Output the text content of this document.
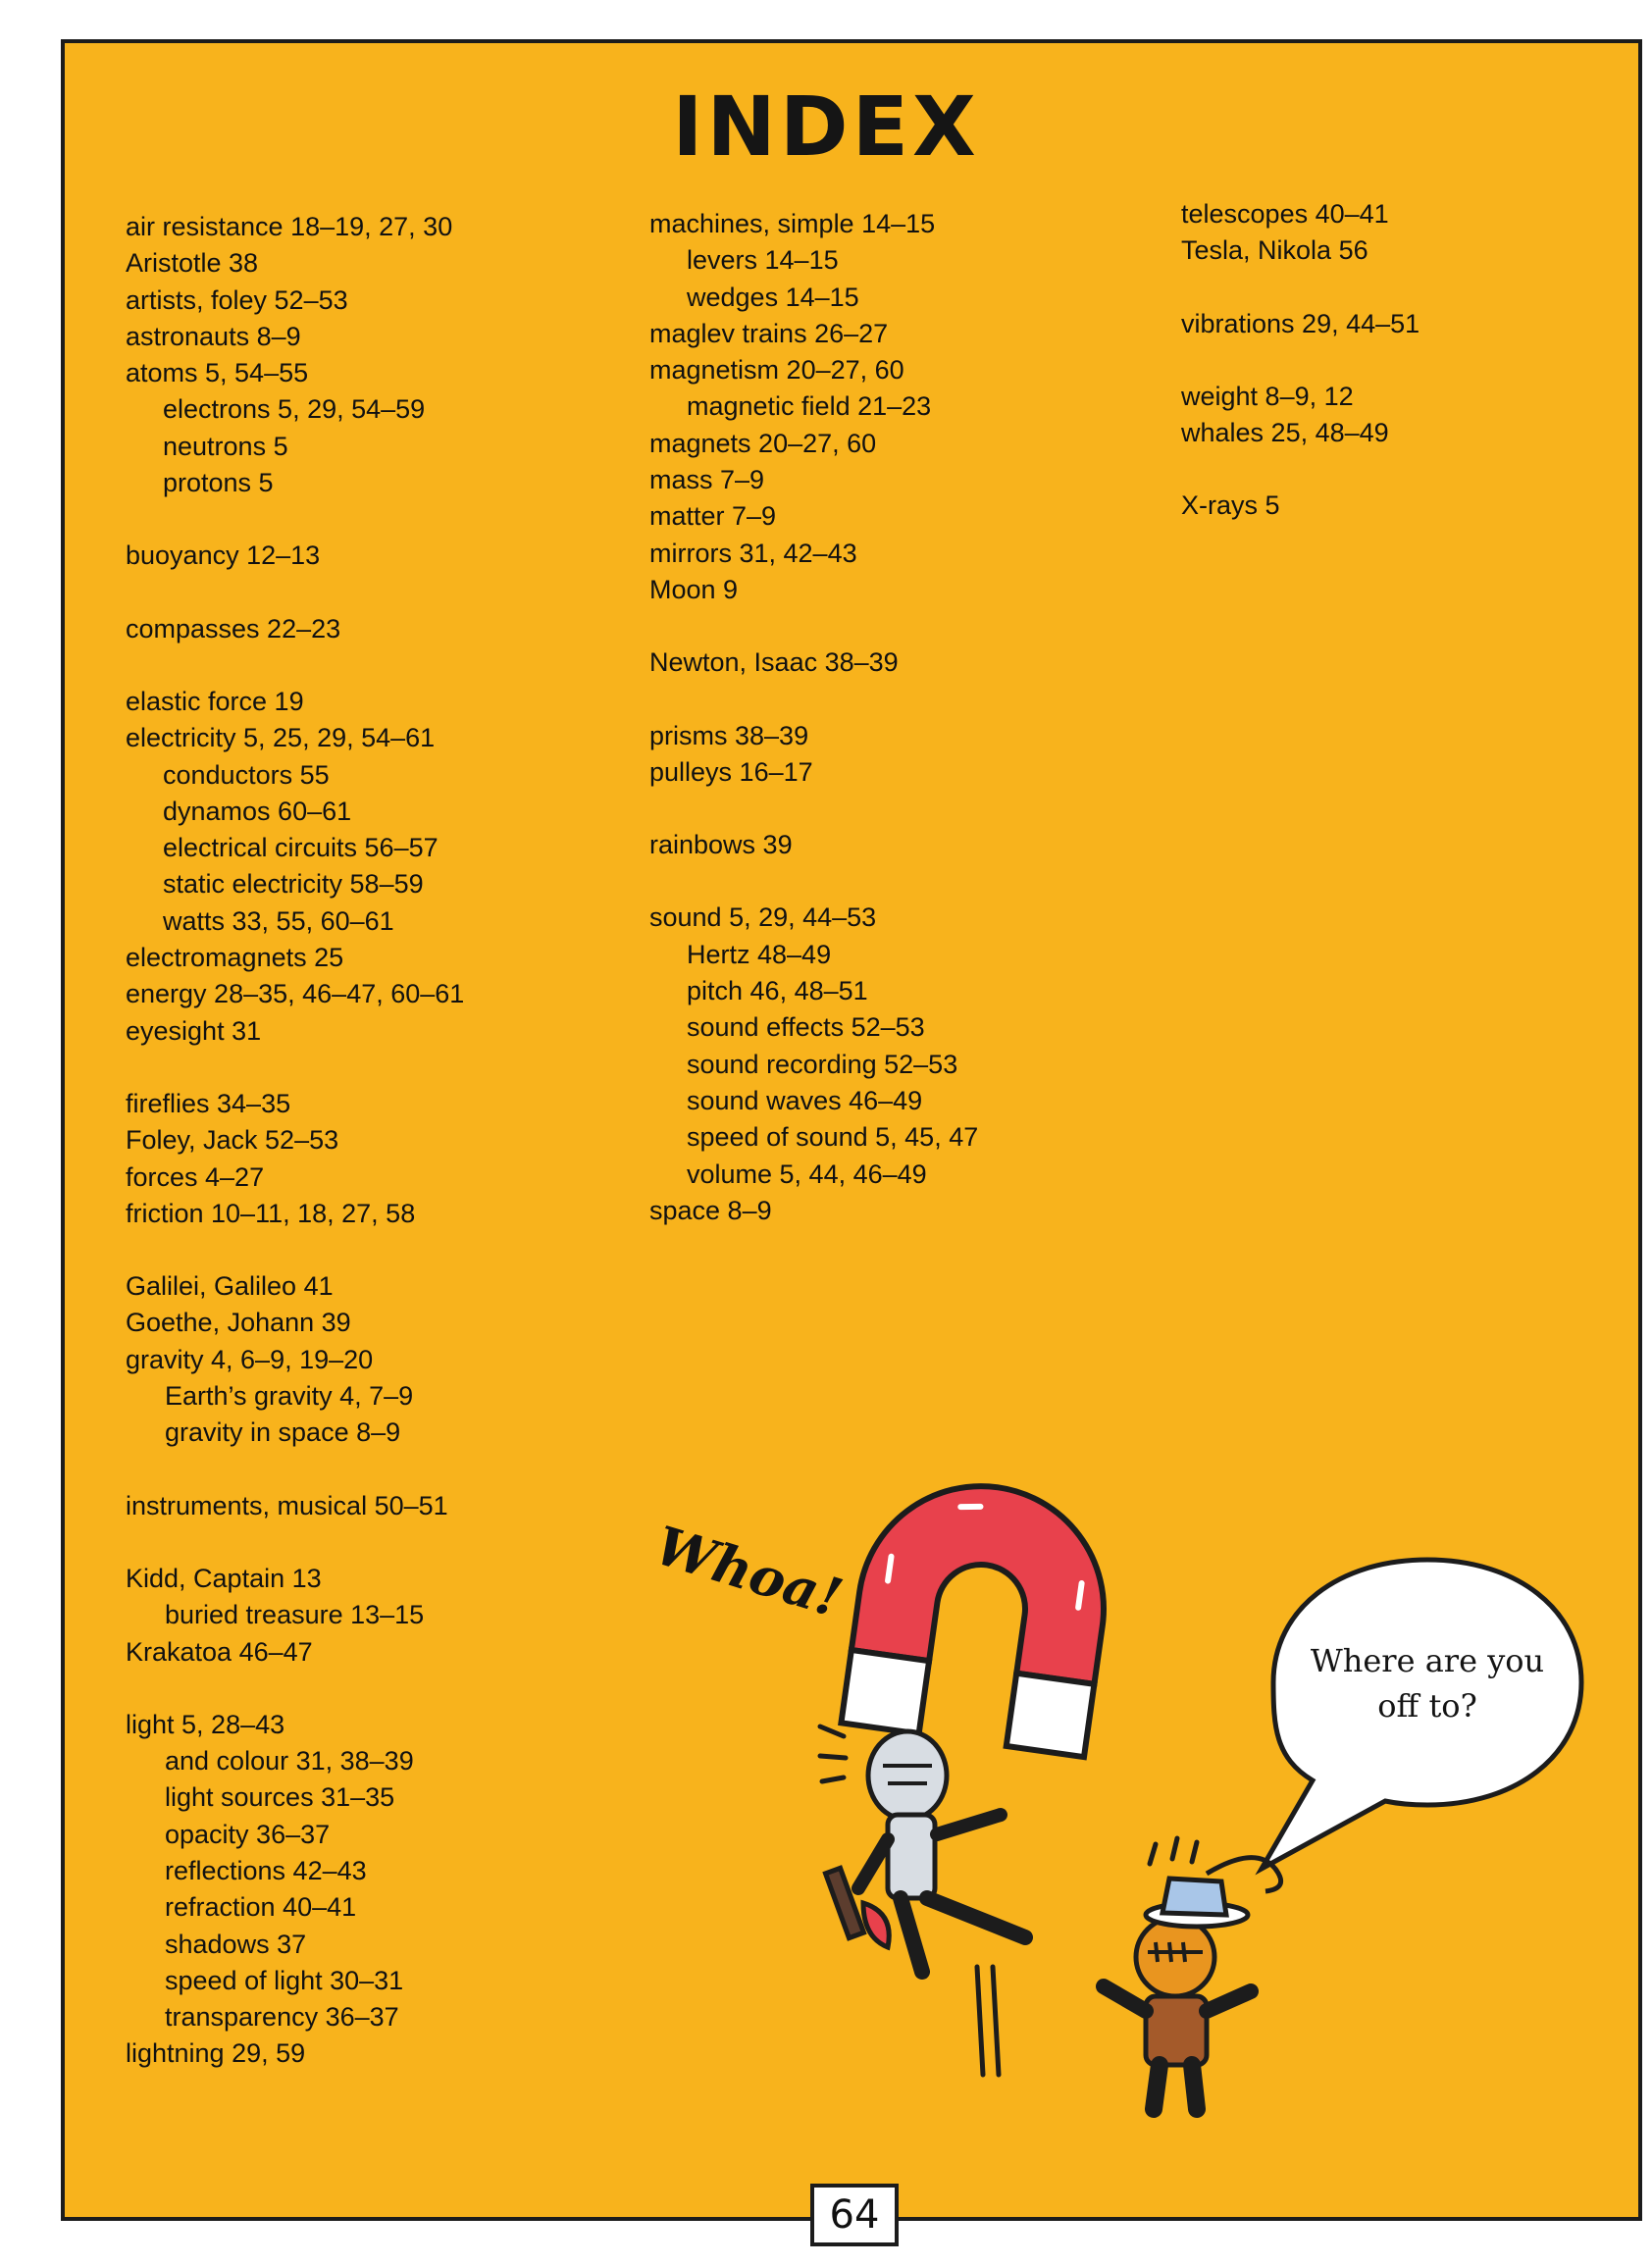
INDEX
air resistance 18–19, 27, 30
Aristotle 38
artists, foley 52–53
astronauts 8–9
atoms 5, 54–55
electrons 5, 29, 54–59
neutrons 5
protons 5
buoyancy 12–13
compasses 22–23
elastic force 19
electricity 5, 25, 29, 54–61
conductors 55
dynamos 60–61
electrical circuits 56–57
static electricity 58–59
watts 33, 55, 60–61
electromagnets 25
energy 28–35, 46–47, 60–61
eyesight 31
fireflies 34–35
Foley, Jack 52–53
forces 4–27
friction 10–11, 18, 27, 58
Galilei, Galileo 41
Goethe, Johann 39
gravity 4, 6–9, 19–20
Earth’s gravity 4, 7–9
gravity in space 8–9
instruments, musical 50–51
Kidd, Captain 13
buried treasure 13–15
Krakatoa 46–47
light 5, 28–43
and colour 31, 38–39
light sources 31–35
opacity 36–37
reflections 42–43
refraction 40–41
shadows 37
speed of light 30–31
transparency 36–37
lightning 29, 59
machines, simple 14–15
levers 14–15
wedges 14–15
maglev trains 26–27
magnetism 20–27, 60
magnetic field 21–23
magnets 20–27, 60
mass 7–9
matter 7–9
mirrors 31, 42–43
Moon 9
Newton, Isaac 38–39
prisms 38–39
pulleys 16–17
rainbows 39
sound 5, 29, 44–53
Hertz 48–49
pitch 46, 48–51
sound effects 52–53
sound recording 52–53
sound waves 46–49
speed of sound 5, 45, 47
volume 5, 44, 46–49
space 8–9
telescopes 40–41
Tesla, Nikola 56
vibrations 29, 44–51
weight 8–9, 12
whales 25, 48–49
X-rays 5
Whoa!
Where are you off to?
64
